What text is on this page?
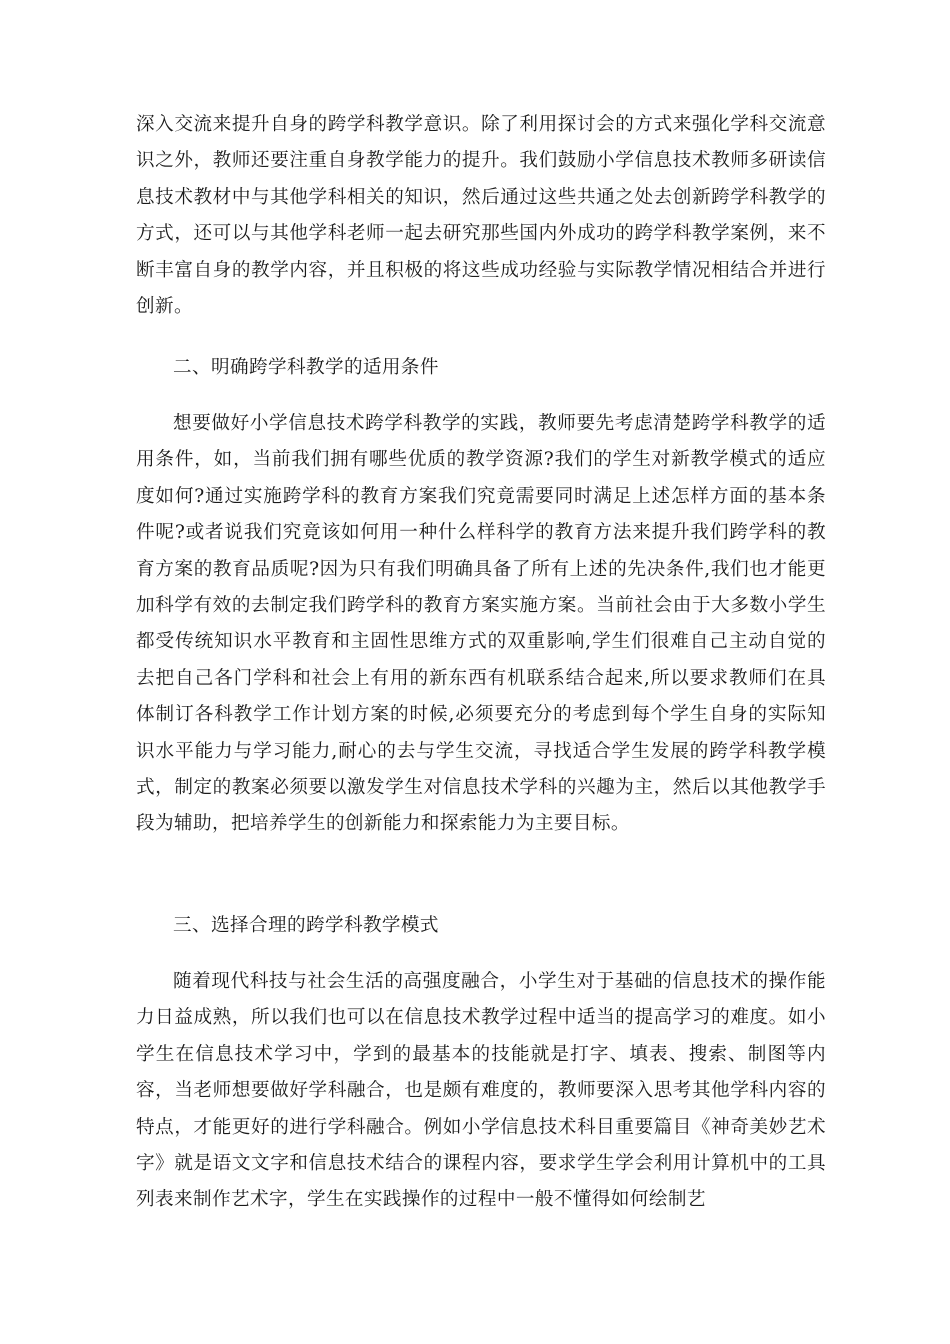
深入交流来提升自身的跨学科教学意识。除了利用探讨会的方式来强化学科交流意识之外，教师还要注重自身教学能力的提升。我们鼓励小学信息技术教师多研读信息技术教材中与其他学科相关的知识，然后通过这些共通之处去创新跨学科教学的方式，还可以与其他学科老师一起去研究那些国内外成功的跨学科教学案例，来不断丰富自身的教学内容，并且积极的将这些成功经验与实际教学情况相结合并进行创新。

二、明确跨学科教学的适用条件

想要做好小学信息技术跨学科教学的实践，教师要先考虑清楚跨学科教学的适用条件，如，当前我们拥有哪些优质的教学资源?我们的学生对新教学模式的适应度如何?通过实施跨学科的教育方案我们究竟需要同时满足上述怎样方面的基本条件呢?或者说我们究竟该如何用一种什么样科学的教育方法来提升我们跨学科的教育方案的教育品质呢?因为只有我们明确具备了所有上述的先决条件,我们也才能更加科学有效的去制定我们跨学科的教育方案实施方案。当前社会由于大多数小学生都受传统知识水平教育和主固性思维方式的双重影响,学生们很难自己主动自觉的去把自己各门学科和社会上有用的新东西有机联系结合起来,所以要求教师们在具体制订各科教学工作计划方案的时候,必须要充分的考虑到每个学生自身的实际知识水平能力与学习能力,耐心的去与学生交流，寻找适合学生发展的跨学科教学模式，制定的教案必须要以激发学生对信息技术学科的兴趣为主，然后以其他教学手段为辅助，把培养学生的创新能力和探索能力为主要目标。

三、选择合理的跨学科教学模式

随着现代科技与社会生活的高强度融合，小学生对于基础的信息技术的操作能力日益成熟，所以我们也可以在信息技术教学过程中适当的提高学习的难度。如小学生在信息技术学习中，学到的最基本的技能就是打字、填表、搜索、制图等内容，当老师想要做好学科融合，也是颇有难度的，教师要深入思考其他学科内容的特点，才能更好的进行学科融合。例如小学信息技术科目重要篇目《神奇美妙艺术字》就是语文文字和信息技术结合的课程内容，要求学生学会利用计算机中的工具列表来制作艺术字，学生在实践操作的过程中一般不懂得如何绘制艺
